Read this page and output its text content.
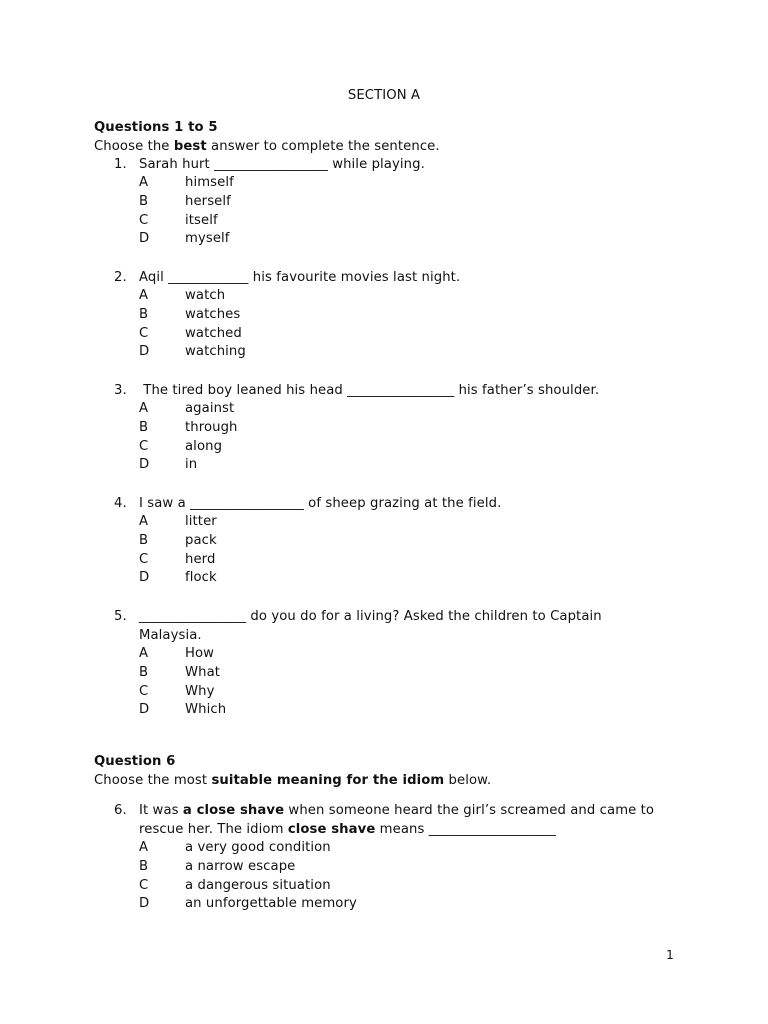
SECTION A
Questions 1 to 5
Choose the best answer to complete the sentence.
1. Sarah hurt _________________ while playing.
A	himself
B	herself
C	itself
D	myself
2. Aqil ____________ his favourite movies last night.
A	watch
B	watches
C	watched
D	watching
3. The tired boy leaned his head ________________ his father’s shoulder.
A	against
B	through
C	along
D	in
4. I saw a _________________ of sheep grazing at the field.
A	litter
B	pack
C	herd
D	flock
5. ________________ do you do for a living? Asked the children to Captain Malaysia.
A	How
B	What
C	Why
D	Which
Question 6
Choose the most suitable meaning for the idiom below.
6. It was a close shave when someone heard the girl’s screamed and came to rescue her. The idiom close shave means ___________________
A	a very good condition
B	a narrow escape
C	a dangerous situation
D	an unforgettable memory
1
